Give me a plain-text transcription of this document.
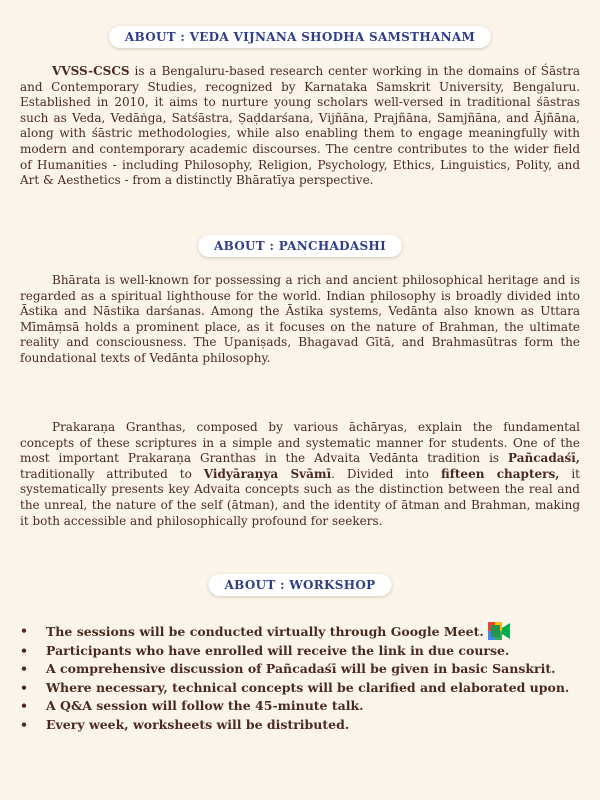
ABOUT : VEDA VIJNANA SHODHA SAMSTHANAM
VVSS-CSCS is a Bengaluru-based research center working in the domains of Śāstra and Contemporary Studies, recognized by Karnataka Samskrit University, Bengaluru. Established in 2010, it aims to nurture young scholars well-versed in traditional śāstras such as Veda, Vedāṅga, Satśāstra, Ṣaḍdarśana, Vijñāna, Prajñāna, Samjñāna, and Ājñāna, along with śāstric methodologies, while also enabling them to engage meaningfully with modern and contemporary academic discourses. The centre contributes to the wider field of Humanities - including Philosophy, Religion, Psychology, Ethics, Linguistics, Polity, and Art & Aesthetics - from a distinctly Bhāratīya perspective.
ABOUT : PANCHADASHI
Bhārata is well-known for possessing a rich and ancient philosophical heritage and is regarded as a spiritual lighthouse for the world. Indian philosophy is broadly divided into Āstika and Nāstika darśanas. Among the Āstika systems, Vedānta also known as Uttara Mīmāṃsā holds a prominent place, as it focuses on the nature of Brahman, the ultimate reality and consciousness. The Upaniṣads, Bhagavad Gītā, and Brahmasūtras form the foundational texts of Vedānta philosophy.
Prakaraṇa Granthas, composed by various āchāryas, explain the fundamental concepts of these scriptures in a simple and systematic manner for students. One of the most important Prakaraṇa Granthas in the Advaita Vedānta tradition is Pañcadaśī, traditionally attributed to Vidyāraṇya Svāmī. Divided into fifteen chapters, it systematically presents key Advaita concepts such as the distinction between the real and the unreal, the nature of the self (ātman), and the identity of ātman and Brahman, making it both accessible and philosophically profound for seekers.
ABOUT : WORKSHOP
• The sessions will be conducted virtually through Google Meet.
• Participants who have enrolled will receive the link in due course.
• A comprehensive discussion of Pañcadaśī will be given in basic Sanskrit.
• Where necessary, technical concepts will be clarified and elaborated upon.
• A Q&A session will follow the 45-minute talk.
• Every week, worksheets will be distributed.
